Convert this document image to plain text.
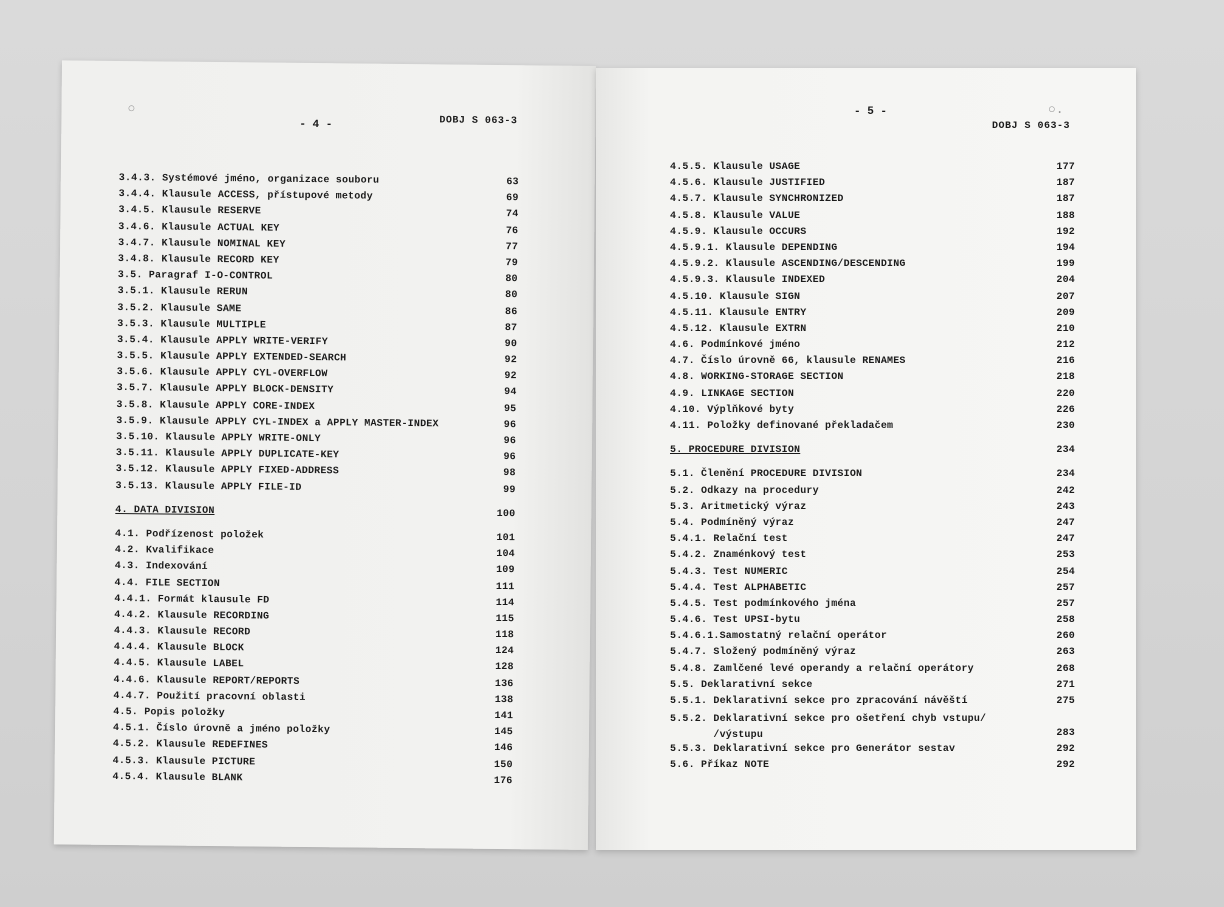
○
- 4 -	DOBJ S 063-3
3.4.3. Systémové jméno, organizace souboru	63
3.4.4. Klausule ACCESS, přístupové metody	69
3.4.5. Klausule RESERVE	74
3.4.6. Klausule ACTUAL KEY	76
3.4.7. Klausule NOMINAL KEY	77
3.4.8. Klausule RECORD KEY	79
3.5. Paragraf I-O-CONTROL	80
3.5.1. Klausule RERUN	80
3.5.2. Klausule SAME	86
3.5.3. Klausule MULTIPLE	87
3.5.4. Klausule APPLY WRITE-VERIFY	90
3.5.5. Klausule APPLY EXTENDED-SEARCH	92
3.5.6. Klausule APPLY CYL-OVERFLOW	92
3.5.7. Klausule APPLY BLOCK-DENSITY	94
3.5.8. Klausule APPLY CORE-INDEX	95
3.5.9. Klausule APPLY CYL-INDEX a APPLY MASTER-INDEX	96
3.5.10. Klausule APPLY WRITE-ONLY	96
3.5.11. Klausule APPLY DUPLICATE-KEY	96
3.5.12. Klausule APPLY FIXED-ADDRESS	98
3.5.13. Klausule APPLY FILE-ID	99
4. DATA DIVISION	100
4.1. Podřízenost položek	101
4.2. Kvalifikace	104
4.3. Indexování	109
4.4. FILE SECTION	111
4.4.1. Formát klausule FD	114
4.4.2. Klausule RECORDING	115
4.4.3. Klausule RECORD	118
4.4.4. Klausule BLOCK	124
4.4.5. Klausule LABEL	128
4.4.6. Klausule REPORT/REPORTS	136
4.4.7. Použití pracovní oblasti	138
4.5. Popis položky	141
4.5.1. Číslo úrovně a jméno položky	145
4.5.2. Klausule REDEFINES	146
4.5.3. Klausule PICTURE	150
4.5.4. Klausule BLANK	176
- 5 -	○.
DOBJ S 063-3
4.5.5. Klausule USAGE	177
4.5.6. Klausule JUSTIFIED	187
4.5.7. Klausule SYNCHRONIZED	187
4.5.8. Klausule VALUE	188
4.5.9. Klausule OCCURS	192
4.5.9.1. Klausule DEPENDING	194
4.5.9.2. Klausule ASCENDING/DESCENDING	199
4.5.9.3. Klausule INDEXED	204
4.5.10. Klausule SIGN	207
4.5.11. Klausule ENTRY	209
4.5.12. Klausule EXTRN	210
4.6. Podmínkové jméno	212
4.7. Číslo úrovně 66, klausule RENAMES	216
4.8. WORKING-STORAGE SECTION	218
4.9. LINKAGE SECTION	220
4.10. Výplňkové byty	226
4.11. Položky definované překladačem	230
5. PROCEDURE DIVISION	234
5.1. Členění PROCEDURE DIVISION	234
5.2. Odkazy na procedury	242
5.3. Aritmetický výraz	243
5.4. Podmíněný výraz	247
5.4.1. Relační test	247
5.4.2. Znaménkový test	253
5.4.3. Test NUMERIC	254
5.4.4. Test ALPHABETIC	257
5.4.5. Test podmínkového jména	257
5.4.6. Test UPSI-bytu	258
5.4.6.1.Samostatný relační operátor	260
5.4.7. Složený podmíněný výraz	263
5.4.8. Zamlčené levé operandy a relační operátory	268
5.5. Deklarativní sekce	271
5.5.1. Deklarativní sekce pro zpracování návěští	275
5.5.2. Deklarativní sekce pro ošetření chyb vstupu/
/výstupu	283
5.5.3. Deklarativní sekce pro Generátor sestav	292
5.6. Příkaz NOTE	292
